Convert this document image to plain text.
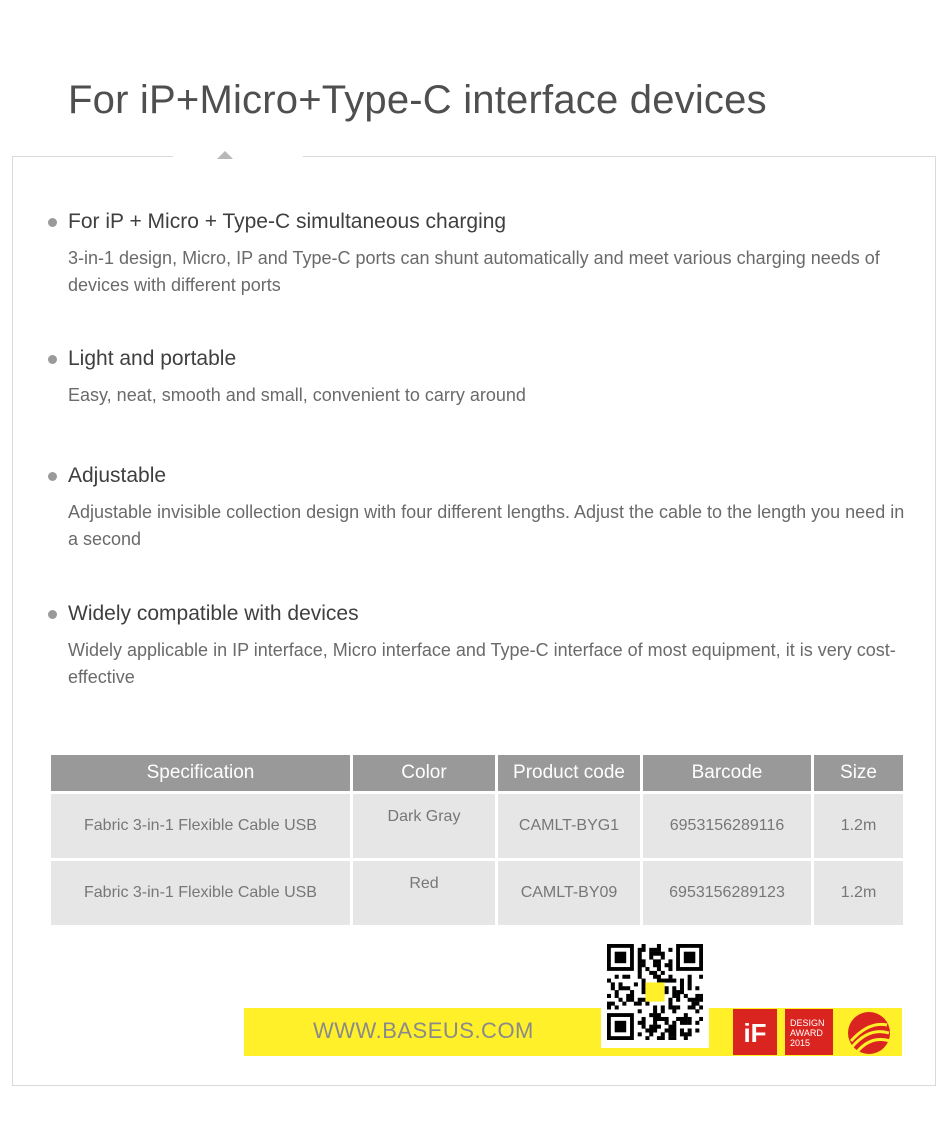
For iP+Micro+Type-C interface devices
For iP + Micro + Type-C simultaneous charging

3-in-1 design, Micro, IP and Type-C ports can shunt automatically and meet various charging needs of devices with different ports

Light and portable

Easy, neat, smooth and small, convenient to carry around

Adjustable

Adjustable invisible collection design with four different lengths. Adjust the cable to the length you need in a second

Widely compatible with devices

Widely applicable in IP interface, Micro interface and Type-C interface of most equipment, it is very cost-effective

Specification	Color	Product code	Barcode	Size
Fabric 3-in-1 Flexible Cable USB	Dark Gray	CAMLT-BYG1	6953156289116	1.2m
Fabric 3-in-1 Flexible Cable USB	Red	CAMLT-BY09	6953156289123	1.2m
WWW.BASEUS.COM	iF	DESIGN
AWARD
2015
